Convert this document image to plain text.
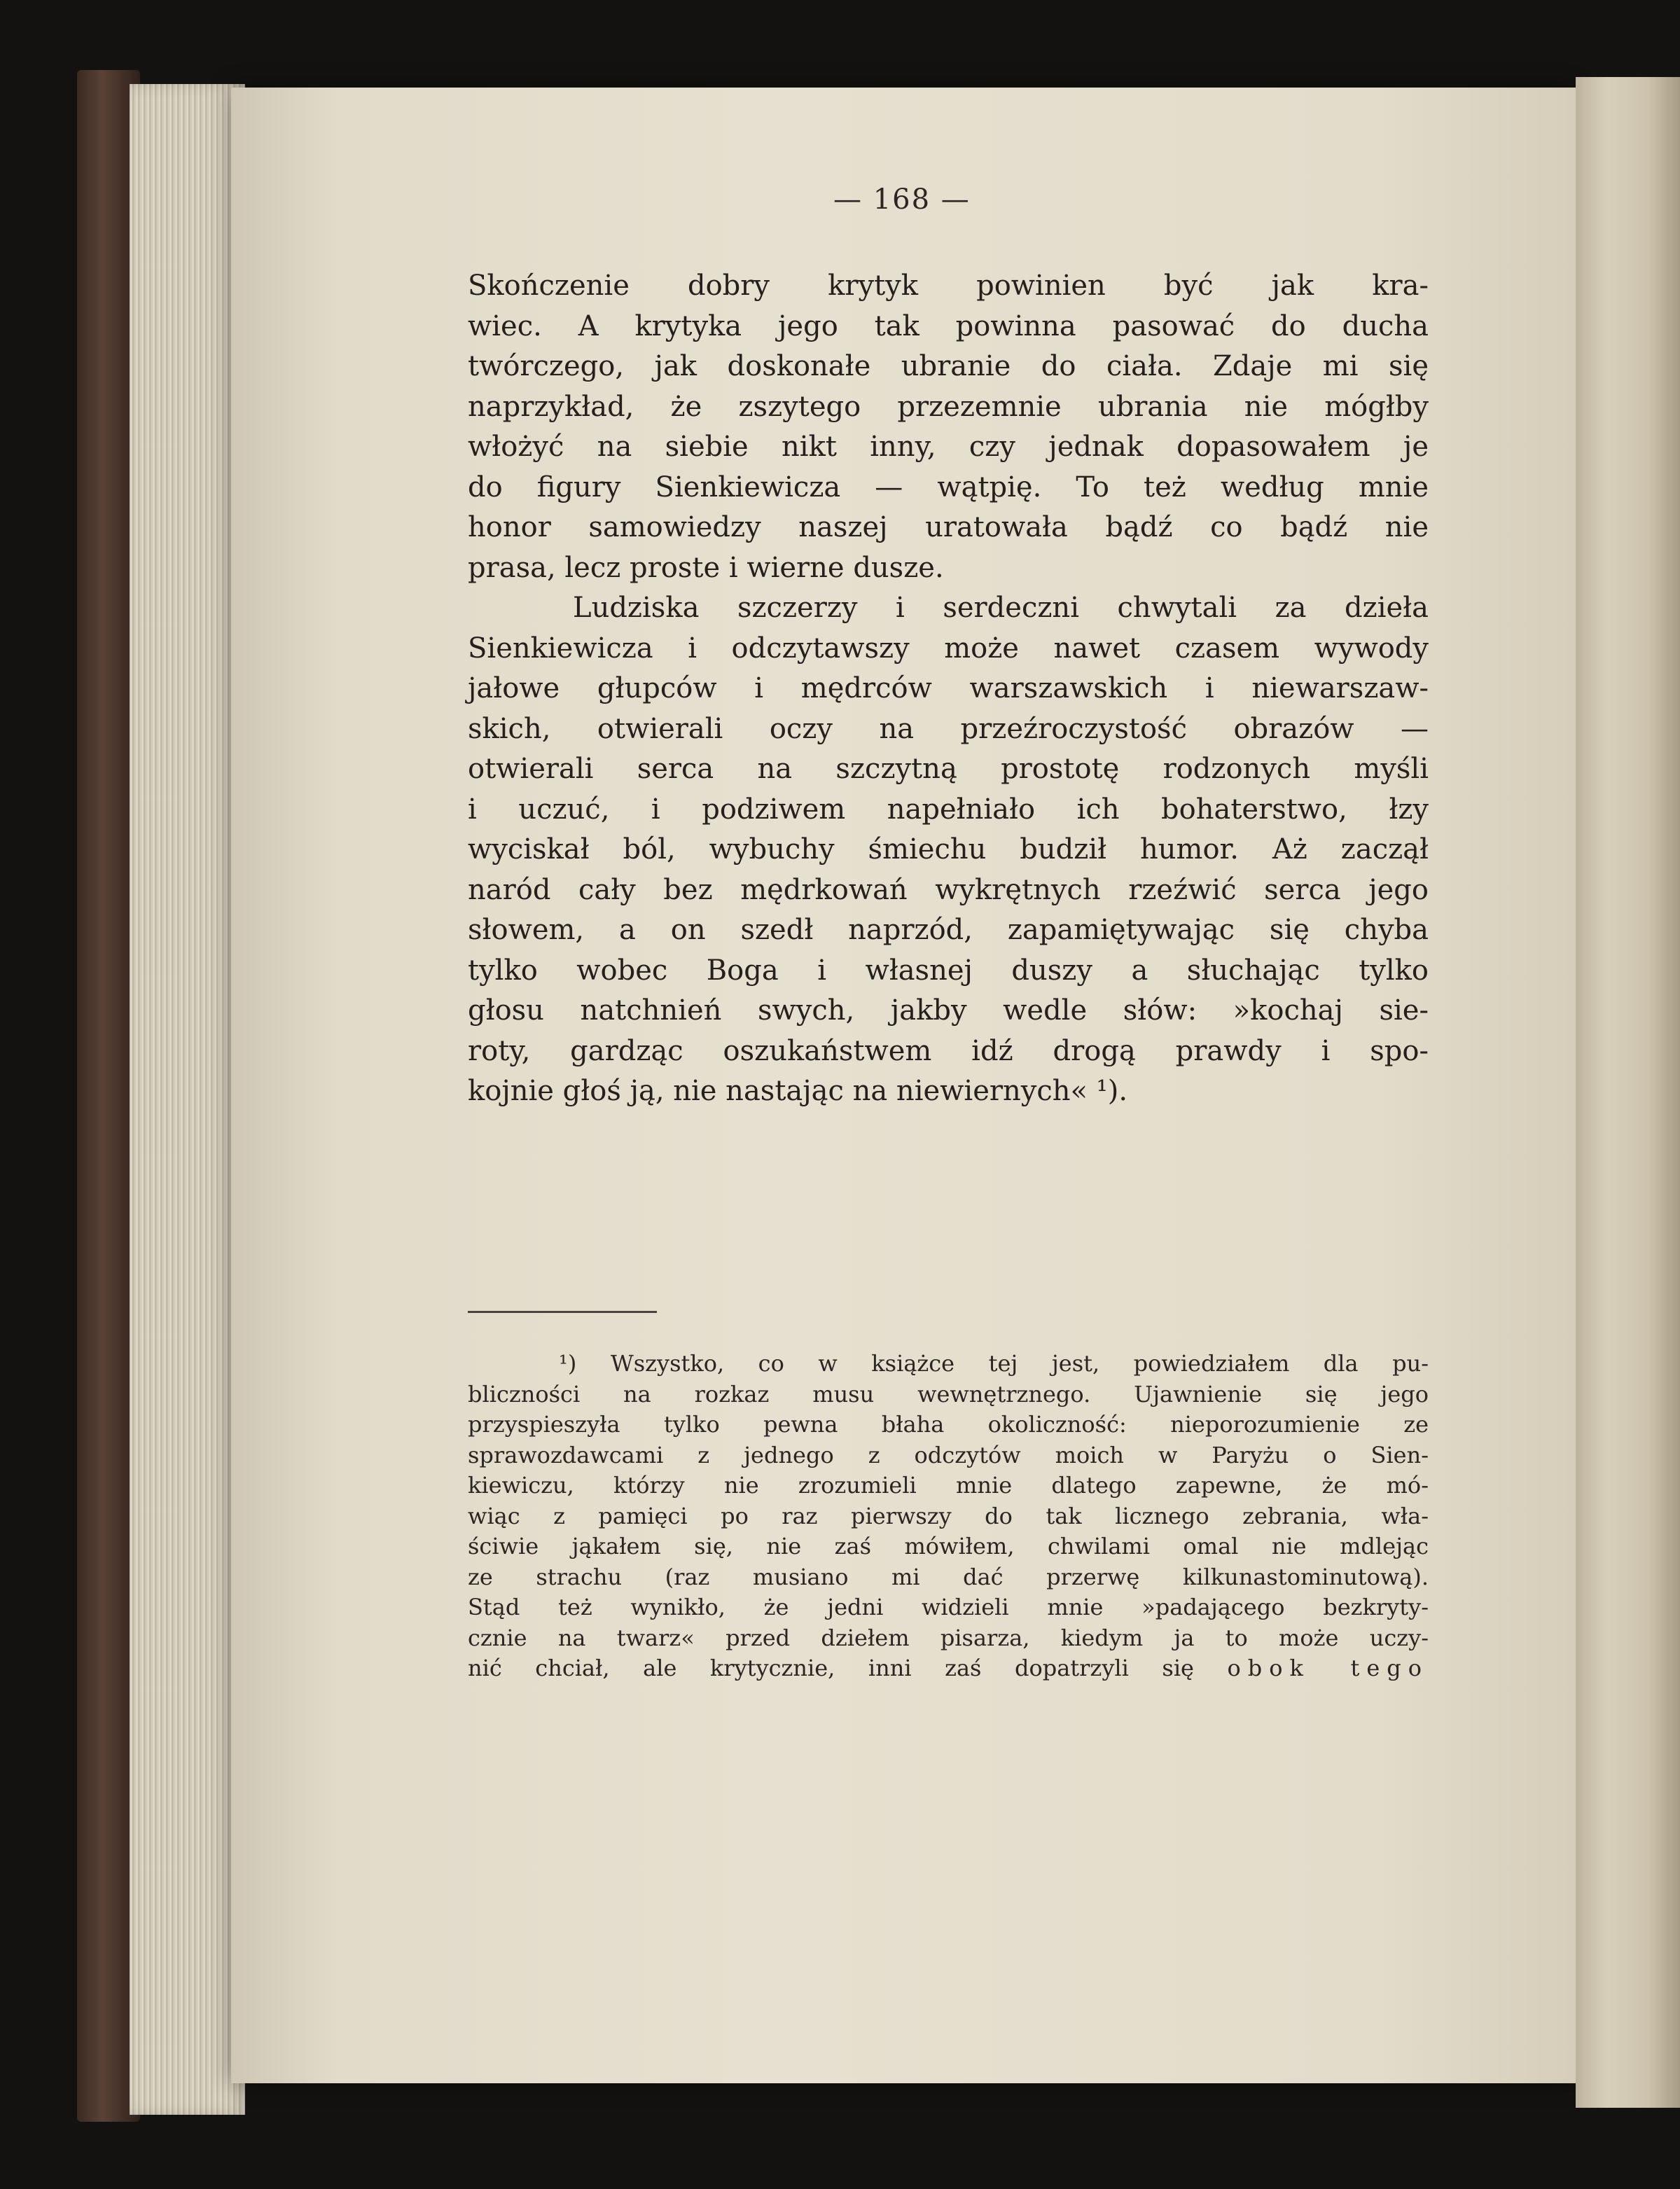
— 168 —
Skończenie dobry krytyk powinien być jak kra-
wiec. A krytyka jego tak powinna pasować do ducha
twórczego, jak doskonałe ubranie do ciała. Zdaje mi się
naprzykład, że zszytego przezemnie ubrania nie mógłby
włożyć na siebie nikt inny, czy jednak dopasowałem je
do figury Sienkiewicza — wątpię. To też według mnie
honor samowiedzy naszej uratowała bądź co bądź nie
prasa, lecz proste i wierne dusze.
Ludziska szczerzy i serdeczni chwytali za dzieła
Sienkiewicza i odczytawszy może nawet czasem wywody
jałowe głupców i mędrców warszawskich i niewarszaw-
skich, otwierali oczy na przeźroczystość obrazów —
otwierali serca na szczytną prostotę rodzonych myśli
i uczuć, i podziwem napełniało ich bohaterstwo, łzy
wyciskał ból, wybuchy śmiechu budził humor. Aż zaczął
naród cały bez mędrkowań wykrętnych rzeźwić serca jego
słowem, a on szedł naprzód, zapamiętywając się chyba
tylko wobec Boga i własnej duszy a słuchając tylko
głosu natchnień swych, jakby wedle słów: »kochaj sie-
roty, gardząc oszukaństwem idź drogą prawdy i spo-
kojnie głoś ją, nie nastając na niewiernych« ¹).
¹) Wszystko, co w książce tej jest, powiedziałem dla pu-
bliczności na rozkaz musu wewnętrznego. Ujawnienie się jego
przyspieszyła tylko pewna błaha okoliczność: nieporozumienie ze
sprawozdawcami z jednego z odczytów moich w Paryżu o Sien-
kiewiczu, którzy nie zrozumieli mnie dlatego zapewne, że mó-
wiąc z pamięci po raz pierwszy do tak licznego zebrania, wła-
ściwie jąkałem się, nie zaś mówiłem, chwilami omal nie mdlejąc
ze strachu (raz musiano mi dać przerwę kilkunastominutową).
Stąd też wynikło, że jedni widzieli mnie »padającego bezkryty-
cznie na twarz« przed dziełem pisarza, kiedym ja to może uczy-
nić chciał, ale krytycznie, inni zaś dopatrzyli się obok tego
